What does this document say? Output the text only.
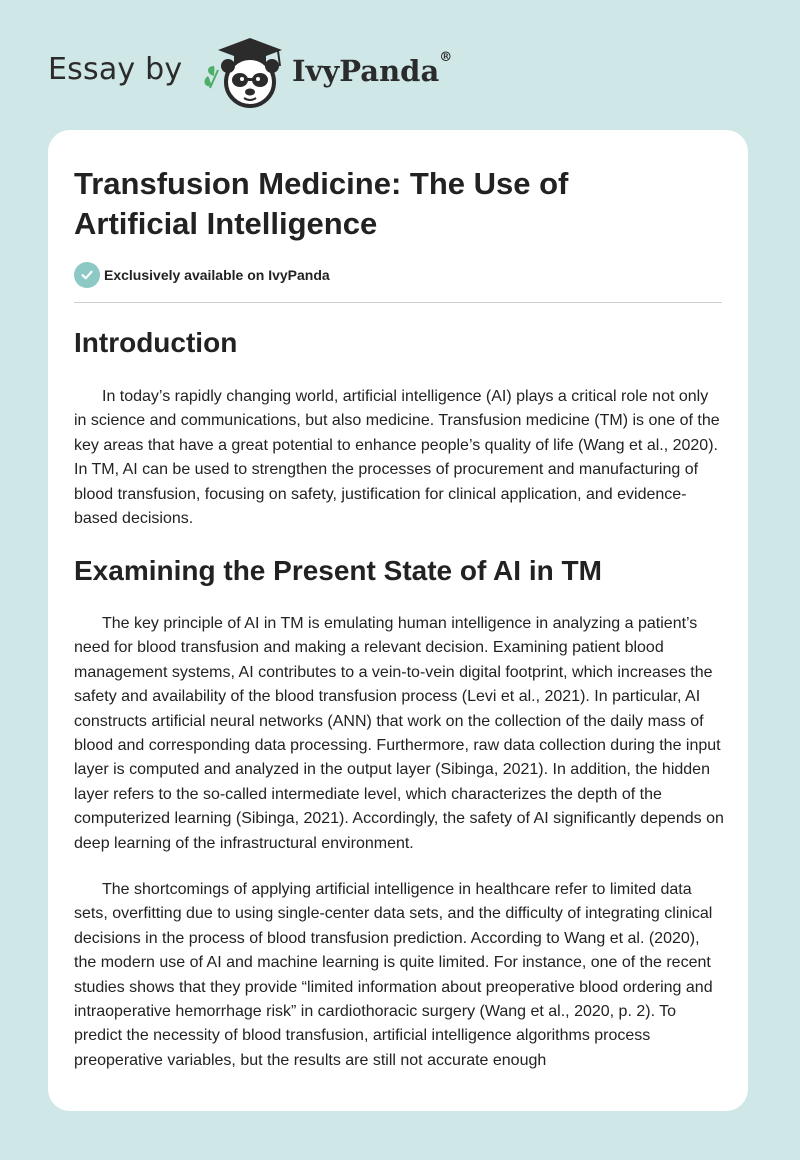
Essay by	IvyPanda®
Transfusion Medicine: The Use of Artificial Intelligence
Exclusively available on IvyPanda
Introduction

In today’s rapidly changing world, artificial intelligence (AI) plays a critical role not only in science and communications, but also medicine. Transfusion medicine (TM) is one of the key areas that have a great potential to enhance people’s quality of life (Wang et al., 2020). In TM, AI can be used to strengthen the processes of procurement and manufacturing of blood transfusion, focusing on safety, justification for clinical application, and evidence-based decisions.

Examining the Present State of AI in TM

The key principle of AI in TM is emulating human intelligence in analyzing a patient’s need for blood transfusion and making a relevant decision. Examining patient blood management systems, AI contributes to a vein-to-vein digital footprint, which increases the safety and availability of the blood transfusion process (Levi et al., 2021). In particular, AI constructs artificial neural networks (ANN) that work on the collection of the daily mass of blood and corresponding data processing. Furthermore, raw data collection during the input layer is computed and analyzed in the output layer (Sibinga, 2021). In addition, the hidden layer refers to the so-called intermediate level, which characterizes the depth of the computerized learning (Sibinga, 2021). Accordingly, the safety of AI significantly depends on deep learning of the infrastructural environment.

The shortcomings of applying artificial intelligence in healthcare refer to limited data sets, overfitting due to using single-center data sets, and the difficulty of integrating clinical decisions in the process of blood transfusion prediction. According to Wang et al. (2020), the modern use of AI and machine learning is quite limited. For instance, one of the recent studies shows that they provide “limited information about preoperative blood ordering and intraoperative hemorrhage risk” in cardiothoracic surgery (Wang et al., 2020, p. 2). To predict the necessity of blood transfusion, artificial intelligence algorithms process preoperative variables, but the results are still not accurate enough
